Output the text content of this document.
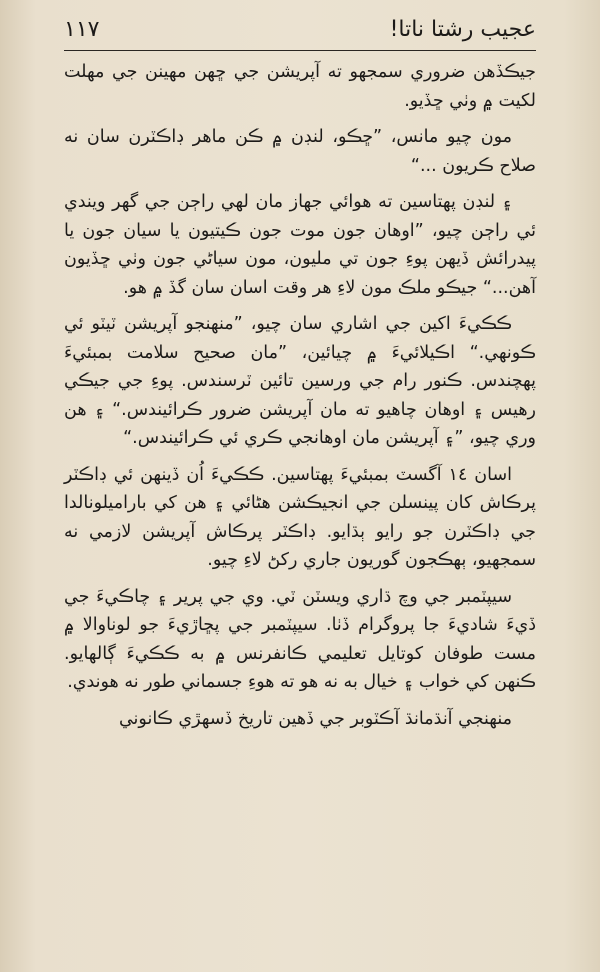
عجيب رشتا ناتا!
١١٧

جيڪڏهن ضروري سمجهو ته آپريشن جي ڇهن مهينن جي مهلت لکيت ۾ وٺي ڇڏيو.

مون چيو مانس، ”ڇڪو، لنڊن ۾ ڪن ماهر ڊاڪٽرن سان نه صلاح ڪريون ...“

۽ لنڊن پهتاسين ته هوائي جهاز مان لهي راڄن جي گهر ويندي ئي راڄن چيو، ”اوهان جون موت جون ڪيتيون يا سيان جون يا پيدرائش ڏيهن پوءِ جون تي مليون، مون سياڻي جون وٺي ڇڏيون آهن...“ جيڪو ملڪ مون لاءِ هر وقت اسان سان گڏ ۾ هو.

ڪڪيءَ اکين جي اشاري سان چيو، ”منهنجو آپريشن ٽيٽو ئي ڪونهي.“ اڪيلائيءَ ۾ چيائين، ”مان صحيح سلامت بمبئيءَ پهچندس. ڪنور رام جي ورسين تائين ٽرسندس. پوءِ جي جيڪي رهيس ۽ اوهان چاهيو ته مان آپريشن ضرور ڪرائيندس.“ ۽ هن وري چيو، ”۽ آپريشن مان اوهانجي ڪري ئي ڪرائيندس.“

اسان ١٤ آگسٽ بمبئيءَ پهتاسين. ڪڪيءَ اُن ڏينهن ئي ڊاڪٽر پرڪاش کان پينسلن جي انجيڪشن هڻائي ۽ هن کي باراميلونالدا جي ڊاڪٽرن جو رايو ٻڌايو. ڊاڪٽر پرڪاش آپريشن لازمي نه سمجهيو، ٻهڪجون گوريون جاري رکڻ لاءِ چيو.

سيپٽمبر جي وچ ڌاري ويسٽن ٽي. وي جي پرير ۽ چاڪيءَ جي ڏيءَ شاديءَ جا پروگرام ڏٺا. سيپٽمبر جي پڇاڙيءَ جو لوناوالا ۾ مست طوفان کوتايل تعليمي ڪانفرنس ۾ به ڪڪيءَ ڳالهايو. ڪنهن کي خواب ۽ خيال به نه هو ته هوءِ جسماني طور نه هوندي.

منهنجي آنڌمانڌ آڪٽوبر جي ڏهين تاريخ ڏسهڙي ڪانوني
